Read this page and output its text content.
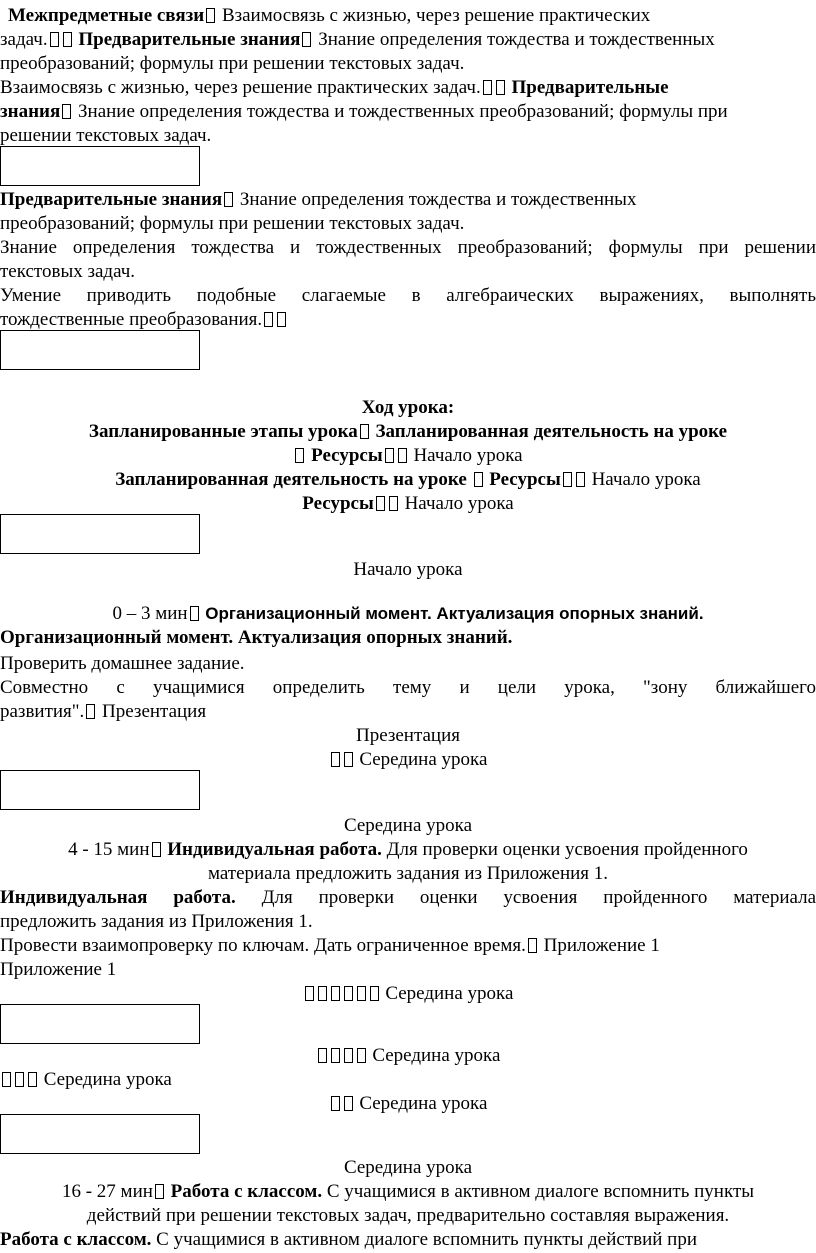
Межпредметные связи Взаимосвязь с жизнью, через решение практических
задач. Предварительные знания Знание определения тождества и тождественных
преобразований; формулы при решении текстовых задач.
Взаимосвязь с жизнью, через решение практических задач. Предварительные
знания Знание определения тождества и тождественных преобразований; формулы при
решении текстовых задач.
Предварительные знания Знание определения тождества и тождественных
преобразований; формулы при решении текстовых задач.
Знание определения тождества и тождественных преобразований; формулы при решении
текстовых задач.
Умение приводить подобные слагаемые в алгебраических выражениях, выполнять
тождественные преобразования.
Ход урока:
Запланированные этапы урока Запланированная деятельность на уроке
Ресурсы Начало урока
Запланированная деятельность на уроке  Ресурсы Начало урока
Ресурсы Начало урока
Начало урока
0 – 3 мин Организационный момент. Актуализация опорных знаний.
Организационный момент. Актуализация опорных знаний.
Проверить домашнее задание.
Совместно с учащимися определить тему и цели урока, "зону ближайшего
развития". Презентация
Презентация
Середина урока
Середина урока
4 - 15 мин Индивидуальная работа. Для проверки оценки усвоения пройденного
материала предложить задания из Приложения 1.
Индивидуальная работа. Для проверки оценки усвоения пройденного материала
предложить задания из Приложения 1.
Провести взаимопроверку по ключам. Дать ограниченное время. Приложение 1
Приложение 1
Середина урока
Середина урока
Середина урока
Середина урока
Середина урока
16 - 27 мин Работа с классом. С учащимися в активном диалоге вспомнить пункты
действий при решении текстовых задач, предварительно составляя выражения.
Работа с классом. С учащимися в активном диалоге вспомнить пункты действий при
